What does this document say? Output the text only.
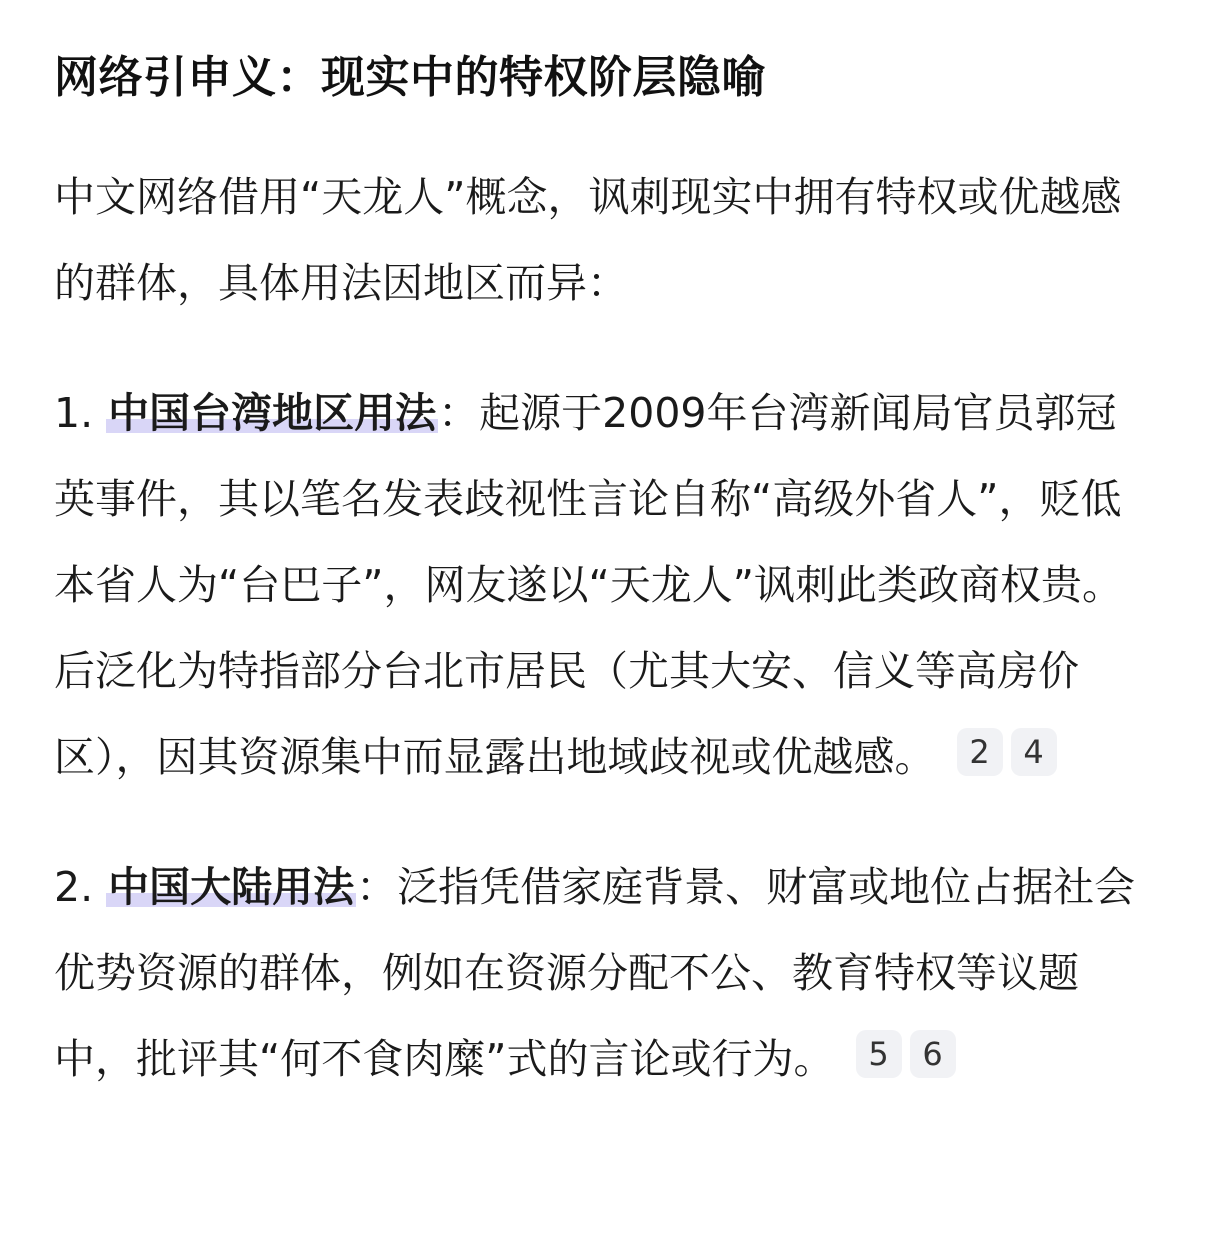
网络引申义：现实中的特权阶层隐喻

中文网络借用“天龙人”概念，讽刺现实中拥有特权或优越感的群体，具体用法因地区而异：

1. 中国台湾地区用法：起源于2009年台湾新闻局官员郭冠英事件，其以笔名发表歧视性言论自称“高级外省人”，贬低本省人为“台巴子”，网友遂以“天龙人”讽刺此类政商权贵。后泛化为特指部分台北市居民（尤其大安、信义等高房价区），因其资源集中而显露出地域歧视或优越感。 2 4

2. 中国大陆用法：泛指凭借家庭背景、财富或地位占据社会优势资源的群体，例如在资源分配不公、教育特权等议题中，批评其“何不食肉糜”式的言论或行为。 5 6
